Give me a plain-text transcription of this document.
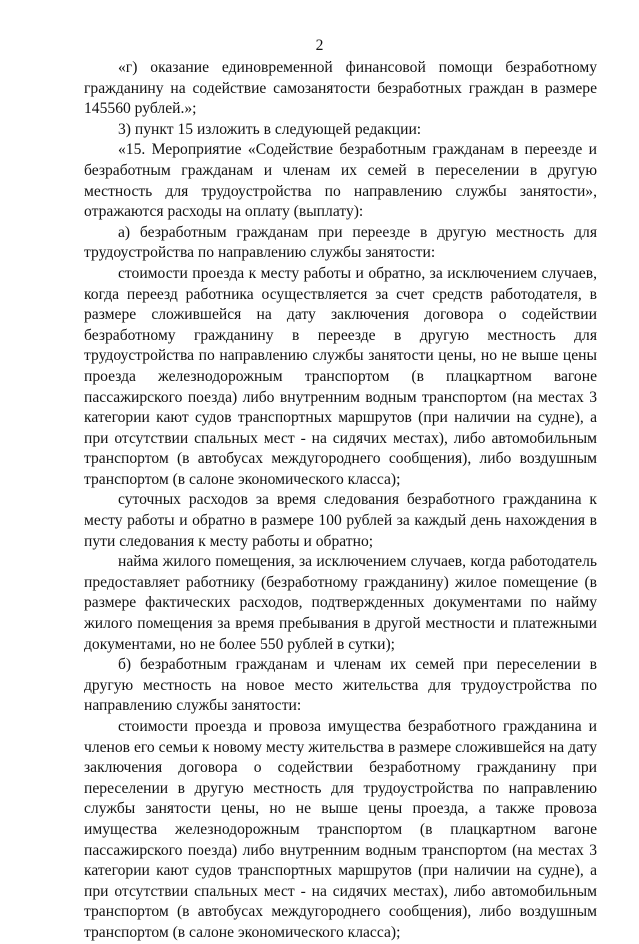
2

«г) оказание единовременной финансовой помощи безработному гражданину на содействие самозанятости безработных граждан в размере 145560 рублей.»;

3) пункт 15 изложить в следующей редакции:

«15. Мероприятие «Содействие безработным гражданам в переезде и безработным гражданам и членам их семей в переселении в другую местность для трудоустройства по направлению службы занятости», отражаются расходы на оплату (выплату):

а) безработным гражданам при переезде в другую местность для трудоустройства по направлению службы занятости:

стоимости проезда к месту работы и обратно, за исключением случаев, когда переезд работника осуществляется за счет средств работодателя, в размере сложившейся на дату заключения договора о содействии безработному гражданину в переезде в другую местность для трудоустройства по направлению службы занятости цены, но не выше цены проезда железнодорожным транспортом (в плацкартном вагоне пассажирского поезда) либо внутренним водным транспортом (на местах 3 категории кают судов транспортных маршрутов (при наличии на судне), а при отсутствии спальных мест - на сидячих местах), либо автомобильным транспортом (в автобусах междугороднего сообщения), либо воздушным транспортом (в салоне экономического класса);

суточных расходов за время следования безработного гражданина к месту работы и обратно в размере 100 рублей за каждый день нахождения в пути следования к месту работы и обратно;

найма жилого помещения, за исключением случаев, когда работодатель предоставляет работнику (безработному гражданину) жилое помещение (в размере фактических расходов, подтвержденных документами по найму жилого помещения за время пребывания в другой местности и платежными документами, но не более 550 рублей в сутки);

б) безработным гражданам и членам их семей при переселении в другую местность на новое место жительства для трудоустройства по направлению службы занятости:

стоимости проезда и провоза имущества безработного гражданина и членов его семьи к новому месту жительства в размере сложившейся на дату заключения договора о содействии безработному гражданину при переселении в другую местность для трудоустройства по направлению службы занятости цены, но не выше цены проезда, а также провоза имущества железнодорожным транспортом (в плацкартном вагоне пассажирского поезда) либо внутренним водным транспортом (на местах 3 категории кают судов транспортных маршрутов (при наличии на судне), а при отсутствии спальных мест - на сидячих местах), либо автомобильным транспортом (в автобусах междугороднего сообщения), либо воздушным транспортом (в салоне экономического класса);
